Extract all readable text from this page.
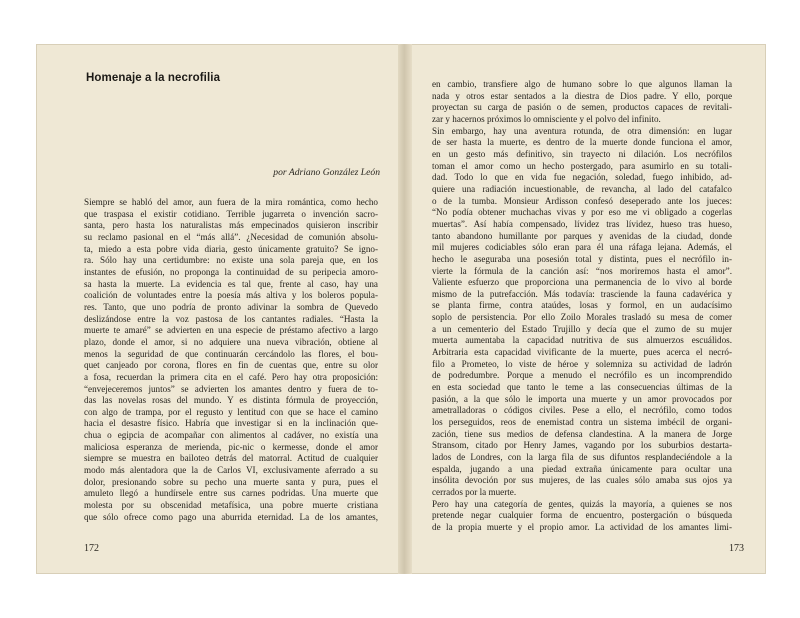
Homenaje a la necrofilia

por Adriano González León

Siempre se habló del amor, aun fuera de la mira romántica, como hecho
que traspasa el existir cotidiano. Terrible jugarreta o invención sacro-
santa, pero hasta los naturalistas más empecinados quisieron inscribir
su reclamo pasional en el “más allá”. ¿Necesidad de comunión absolu-
ta, miedo a esta pobre vida diaria, gesto únicamente gratuito? Se igno-
ra. Sólo hay una certidumbre: no existe una sola pareja que, en los
instantes de efusión, no proponga la continuidad de su peripecia amoro-
sa hasta la muerte. La evidencia es tal que, frente al caso, hay una
coalición de voluntades entre la poesía más altiva y los boleros popula-
res. Tanto, que uno podría de pronto adivinar la sombra de Quevedo
deslizándose entre la voz pastosa de los cantantes radiales. “Hasta la
muerte te amaré” se advierten en una especie de préstamo afectivo a largo
plazo, donde el amor, si no adquiere una nueva vibración, obtiene al
menos la seguridad de que continuarán cercándolo las flores, el bou-
quet canjeado por corona, flores en fin de cuentas que, entre su olor
a fosa, recuerdan la primera cita en el café. Pero hay otra proposición:
“envejeceremos juntos” se advierten los amantes dentro y fuera de to-
das las novelas rosas del mundo. Y es distinta fórmula de proyección,
con algo de trampa, por el regusto y lentitud con que se hace el camino
hacia el desastre físico. Habría que investigar si en la inclinación que-
chua o egipcia de acompañar con alimentos al cadáver, no existía una
maliciosa esperanza de merienda, pic-nic o kermesse, donde el amor
siempre se muestra en bailoteo detrás del matorral. Actitud de cualquier
modo más alentadora que la de Carlos VI, exclusivamente aferrado a su
dolor, presionando sobre su pecho una muerte santa y pura, pues el
amuleto llegó a hundírsele entre sus carnes podridas. Una muerte que
molesta por su obscenidad metafísica, una pobre muerte cristiana
que sólo ofrece como pago una aburrida eternidad. La de los amantes,
172
en cambio, transfiere algo de humano sobre lo que algunos llaman la
nada y otros estar sentados a la diestra de Dios padre. Y ello, porque
proyectan su carga de pasión o de semen, productos capaces de revitali-
zar y hacernos próximos lo omnisciente y el polvo del infinito.
Sin embargo, hay una aventura rotunda, de otra dimensión: en lugar
de ser hasta la muerte, es dentro de la muerte donde funciona el amor,
en un gesto más definitivo, sin trayecto ni dilación. Los necrófilos
toman el amor como un hecho postergado, para asumirlo en su totali-
dad. Todo lo que en vida fue negación, soledad, fuego inhibido, ad-
quiere una radiación incuestionable, de revancha, al lado del catafalco
o de la tumba. Monsieur Ardisson confesó deseperado ante los jueces:
“No podía obtener muchachas vivas y por eso me vi obligado a cogerlas
muertas”. Así había compensado, lívidez tras lívidez, hueso tras hueso,
tanto abandono humillante por parques y avenidas de la ciudad, donde
mil mujeres codiciables sólo eran para él una ráfaga lejana. Además, el
hecho le aseguraba una posesión total y distinta, pues el necrófilo in-
vierte la fórmula de la canción así: “nos moriremos hasta el amor”.
Valiente esfuerzo que proporciona una permanencia de lo vivo al borde
mismo de la putrefacción. Más todavía: trasciende la fauna cadavérica y
se planta firme, contra ataúdes, losas y formol, en un audacísimo
soplo de persistencia. Por ello Zoilo Morales trasladó su mesa de comer
a un cementerio del Estado Trujillo y decía que el zumo de su mujer
muerta aumentaba la capacidad nutritiva de sus almuerzos escuálidos.
Arbitraria esta capacidad vivificante de la muerte, pues acerca el necró-
filo a Prometeo, lo viste de héroe y solemniza su actividad de ladrón
de podredumbre. Porque a menudo el necrófilo es un incomprendido
en esta sociedad que tanto le teme a las consecuencias últimas de la
pasión, a la que sólo le importa una muerte y un amor provocados por
ametralladoras o códigos civiles. Pese a ello, el necrófilo, como todos
los perseguidos, reos de enemistad contra un sistema imbécil de organi-
zación, tiene sus medios de defensa clandestina. A la manera de Jorge
Stransom, citado por Henry James, vagando por los suburbios destarta-
lados de Londres, con la larga fila de sus difuntos resplandeciéndole a la
espalda, jugando a una piedad extraña únicamente para ocultar una
insólita devoción por sus mujeres, de las cuales sólo amaba sus ojos ya
cerrados por la muerte.
Pero hay una categoría de gentes, quizás la mayoría, a quienes se nos
pretende negar cualquier forma de encuentro, postergación o búsqueda
de la propia muerte y el propio amor. La actividad de los amantes limi-
173
